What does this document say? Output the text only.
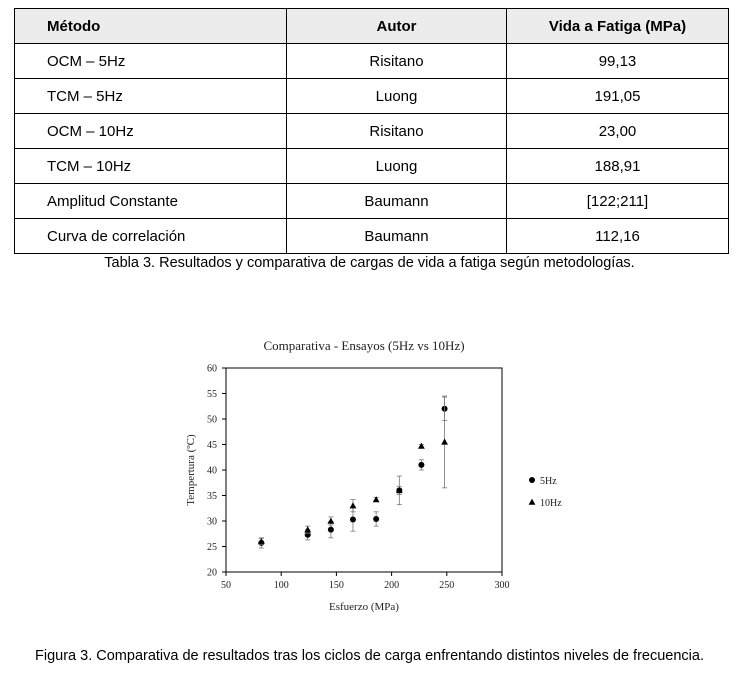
Método	Autor	Vida a Fatiga (MPa)
OCM – 5Hz	Risitano	99,13
TCM – 5Hz	Luong	191,05
OCM – 10Hz	Risitano	23,00
TCM – 10Hz	Luong	188,91
Amplitud Constante	Baumann	[122;211]
Curva de correlación	Baumann	112,16
Tabla 3. Resultados y comparativa de cargas de vida a fatiga según metodologías.
Comparativa - Ensayos (5Hz vs 10Hz)
50	100	150	200	250	300
20
25
30
35
40
45
50
55
60
Esfuerzo (MPa)
Tempertura (ºC)	5Hz
10Hz
Figura 3. Comparativa de resultados tras los ciclos de carga enfrentando distintos niveles de frecuencia.
